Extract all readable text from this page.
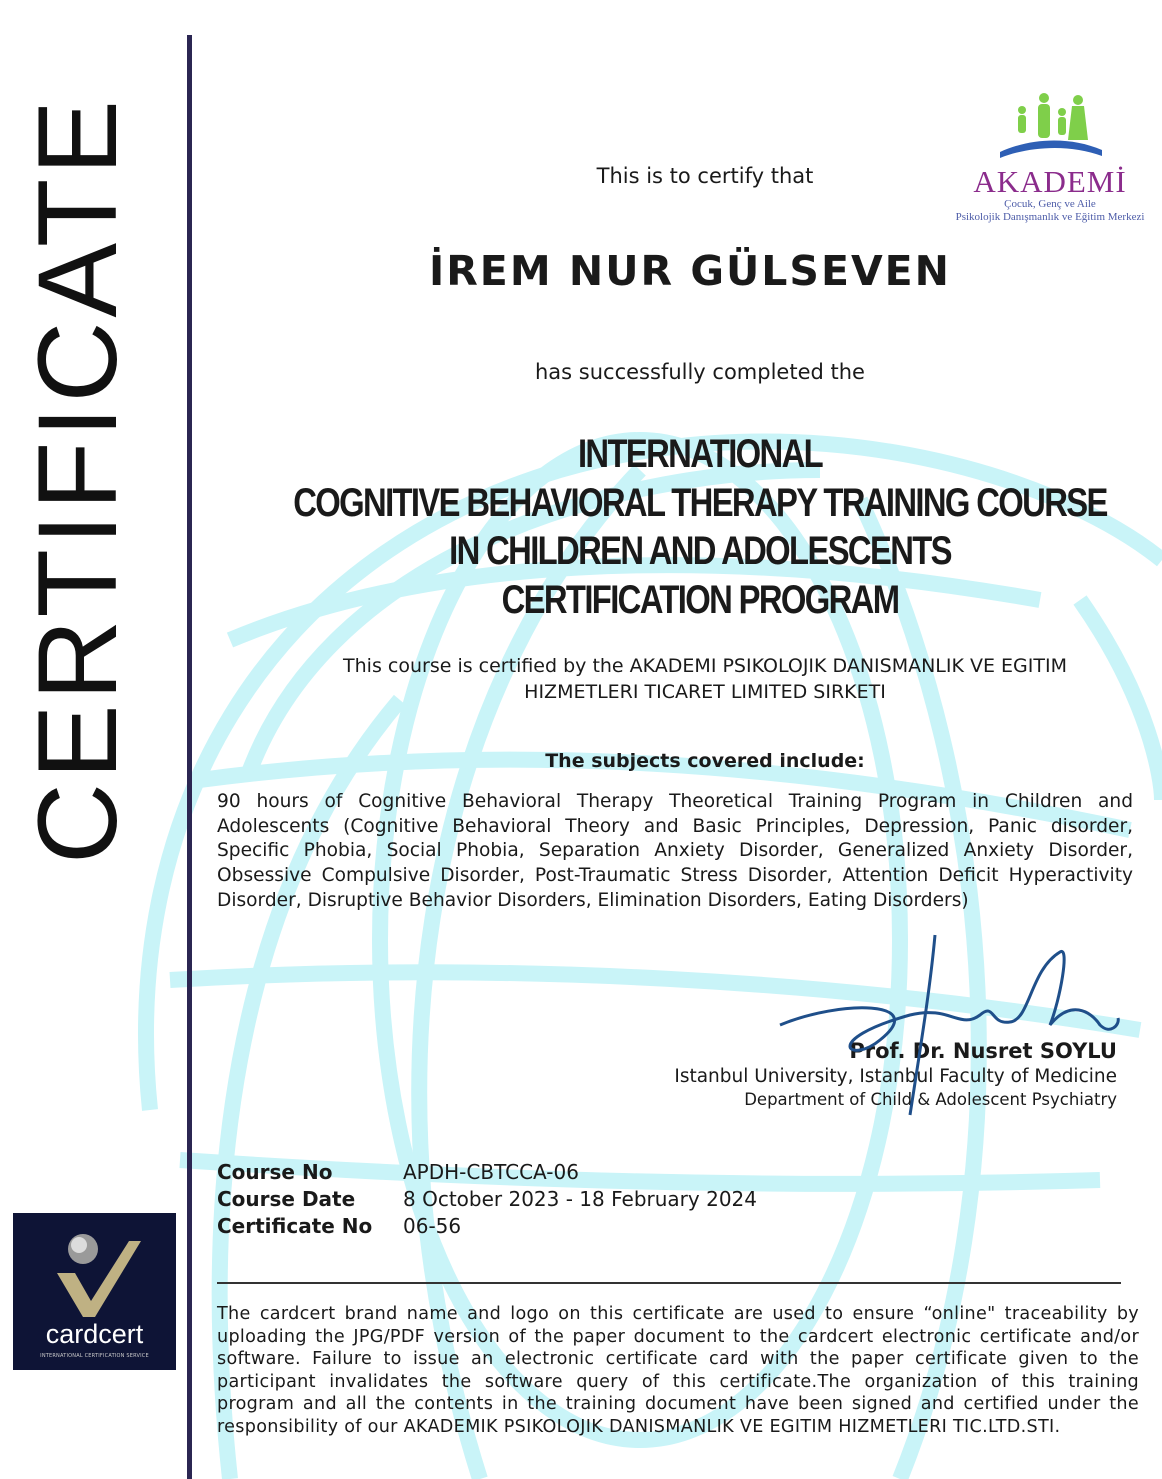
CERTIFICATE	AKADEMİ
Çocuk, Genç ve Aile
Psikolojik Danışmanlık ve Eğitim Merkezi
This is to certify that
İREM NUR GÜLSEVEN
has successfully completed the
INTERNATIONAL
COGNITIVE BEHAVIORAL THERAPY TRAINING COURSE
IN CHILDREN AND ADOLESCENTS
CERTIFICATION PROGRAM
This course is certified by the AKADEMI PSIKOLOJIK DANISMANLIK VE EGITIM
HIZMETLERI TICARET LIMITED SIRKETI
The subjects covered include:
90 hours of Cognitive Behavioral Therapy Theoretical Training Program in Children and Adolescents (Cognitive Behavioral Theory and Basic Principles, Depression, Panic disorder, Specific Phobia, Social Phobia, Separation Anxiety Disorder, Generalized Anxiety Disorder, Obsessive Compulsive Disorder, Post-Traumatic Stress Disorder, Attention Deficit Hyperactivity Disorder, Disruptive Behavior Disorders, Elimination Disorders, Eating Disorders)
Prof. Dr. Nusret SOYLU
Istanbul University, Istanbul Faculty of Medicine
Department of Child & Adolescent Psychiatry
Course No	APDH-CBTCCA-06
Course Date	8 October 2023 - 18 February 2024
Certificate No	06-56
The cardcert brand name and logo on this certificate are used to ensure “online" traceability by uploading the JPG/PDF version of the paper document to the cardcert electronic certificate and/or software. Failure to issue an electronic certificate card with the paper certificate given to the participant invalidates the software query of this certificate.The organization of this training program and all the contents in the training document have been signed and certified under the responsibility of our AKADEMIK PSIKOLOJIK DANISMANLIK VE EGITIM HIZMETLERI TIC.LTD.STI.
cardcert
INTERNATIONAL CERTIFICATION SERVICE
